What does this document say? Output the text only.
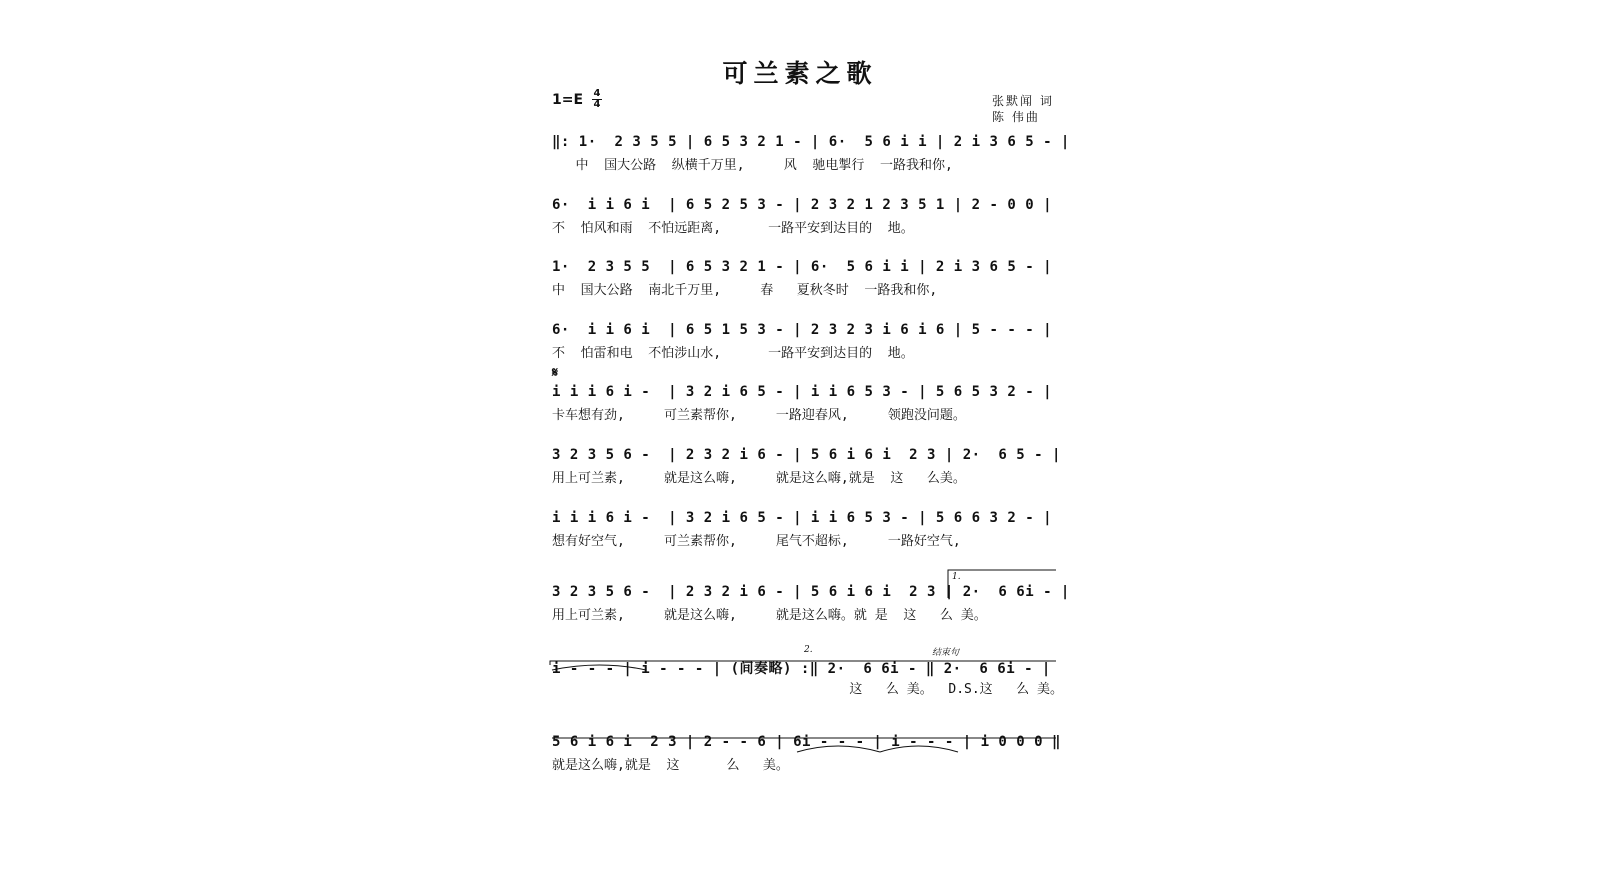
可兰素之歌
1=E 4
4	张默闻 词
陈 伟曲
‖: 1·  2 3 5 5 | 6 5 3 2 1 - | 6·  5 6 i i | 2 i 3 6 5 - |
中  国大公路  纵横千万里,     风  驰电掣行  一路我和你,
6·  i i 6 i  | 6 5 2 5 3 - | 2 3 2 1 2 3 5 1 | 2 - 0 0 |
不  怕风和雨  不怕远距离,      一路平安到达目的  地。
1·  2 3 5 5  | 6 5 3 2 1 - | 6·  5 6 i i | 2 i 3 6 5 - |
中  国大公路  南北千万里,     春   夏秋冬时  一路我和你,
6·  i i 6 i  | 6 5 1 5 3 - | 2 3 2 3 i 6 i 6 | 5 - - - |
不  怕雷和电  不怕涉山水,      一路平安到达目的  地。
𝄋
i i i 6 i -  | 3 2 i 6 5 - | i i 6 5 3 - | 5 6 5 3 2 - |
卡车想有劲,     可兰素帮你,     一路迎春风,     领跑没问题。
3 2 3 5 6 -  | 2 3 2 i 6 - | 5 6 i 6 i  2 3 | 2·  6 5 - |
用上可兰素,     就是这么嗨,     就是这么嗨,就是  这   么美。
i i i 6 i -  | 3 2 i 6 5 - | i i 6 5 3 - | 5 6 6 3 2 - |
想有好空气,     可兰素帮你,     尾气不超标,     一路好空气,
1.
3 2 3 5 6 -  | 2 3 2 i 6 - | 5 6 i 6 i  2 3 | 2·  6 6i - |
用上可兰素,     就是这么嗨,     就是这么嗨。就 是  这   么 美。
2.	结束句
i - - - | i - - - | (间奏略) :‖ 2·  6 6i - ‖ 2·  6 6i - |
这   么 美。  D.S.这   么 美。
5 6 i 6 i  2 3 | 2 - - 6 | 6i - - - | i - - - | i 0 0 0 ‖
就是这么嗨,就是  这      么   美。
